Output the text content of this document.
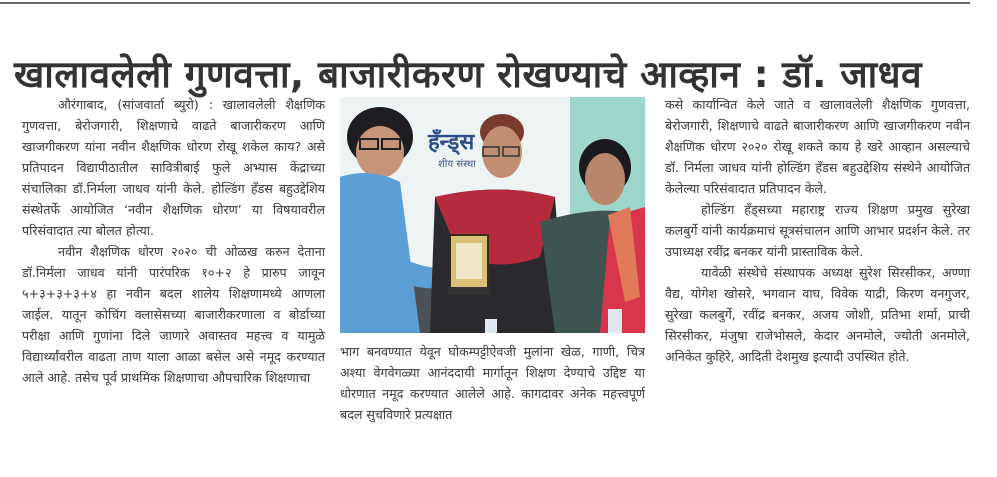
खालावलेली गुणवत्ता, बाजारीकरण रोखण्याचे आव्हान : डॉ. जाधव

औरंगाबाद, (सांजवार्ता ब्युरो) : खालावलेली शैक्षणिक गुणवत्ता, बेरोजगारी, शिक्षणाचे वाढते बाजारीकरण आणि खाजगीकरण यांना नवीन शैक्षणिक धोरण रोखू शकेल काय? असे प्रतिपादन विद्यापीठातील सावित्रीबाई फुले अभ्यास केंद्राच्या संचालिका डॉ.निर्मला जाधव यांनी केले. होल्डिंग हँडस बहुउद्देशिय संस्थेतर्फे आयोजित ‘नवीन शैक्षणिक धोरण’ या विषयावरील परिसंवादात त्या बोलत होत्या.

नवीन शैक्षणिक धोरण २०२० ची ओळख करुन देताना डॉ.निर्मला जाधव यांनी पारंपरिक १०+२ हे प्रारुप जावून ५+३+३+३+४ हा नवीन बदल शालेय शिक्षणामध्ये आणला जाईल. यातून कोचिंग क्लासेसच्या बाजारीकरणाला व बोर्डाच्या परीक्षा आणि गुणांना दिले जाणारे अवास्तव महत्त्व व यामुळे विद्यार्थ्यांवरील वाढता ताण याला आळा बसेल असे नमूद करण्यात आले आहे. तसेच पूर्व प्राथमिक शिक्षणाचा औपचारिक शिक्षणाचा

हँन्ड्स
शीय संस्था

भाग बनवण्यात येवून घोकम्पट्टीऐवजी मुलांना खेळ, गाणी, चित्र अश्या वेगवेगळ्या आनंददायी मार्गातून शिक्षण देण्याचे उद्दिष्ट या धोरणात नमूद करण्यात आलेले आहे. कागदावर अनेक महत्त्वपूर्ण बदल सुचविणारे प्रत्यक्षात

कसे कार्यान्वित केले जाते व खालावलेली शैक्षणिक गुणवत्ता, बेरोजगारी, शिक्षणाचे वाढते बाजारीकरण आणि खाजगीकरण नवीन शैक्षणिक धोरण २०२० रोखू शकते काय हे खरे आव्हान असल्याचे डॉ. निर्मला जाधव यांनी होल्डिंग हँडस बहुउद्देशिय संस्थेने आयोजित केलेल्या परिसंवादात प्रतिपादन केले.

होल्डिंग हँड्सच्या महाराष्ट्र राज्य शिक्षण प्रमुख सुरेखा कलबुर्गे यांनी कार्यक्रमाचं सूत्रसंचालन आणि आभार प्रदर्शन केले. तर उपाध्यक्ष रवींद्र बनकर यांनी प्रास्ताविक केले.

यावेळी संस्थेचे संस्थापक अध्यक्ष सुरेश सिरसीकर, अण्णा वैद्य, योगेश खोसरे, भगवान वाघ, विवेक याद्री, किरण वनगुजर, सुरेखा कलबुर्गे, रवींद्र बनकर, अजय जोशी, प्रतिभा शर्मा, प्राची सिरसीकर, मंजुषा राजेभोसले, केदार अनमोले, ज्योती अनमोले, अनिकेत कुहिरे, आदिती देशमुख इत्यादी उपस्थित होते.
